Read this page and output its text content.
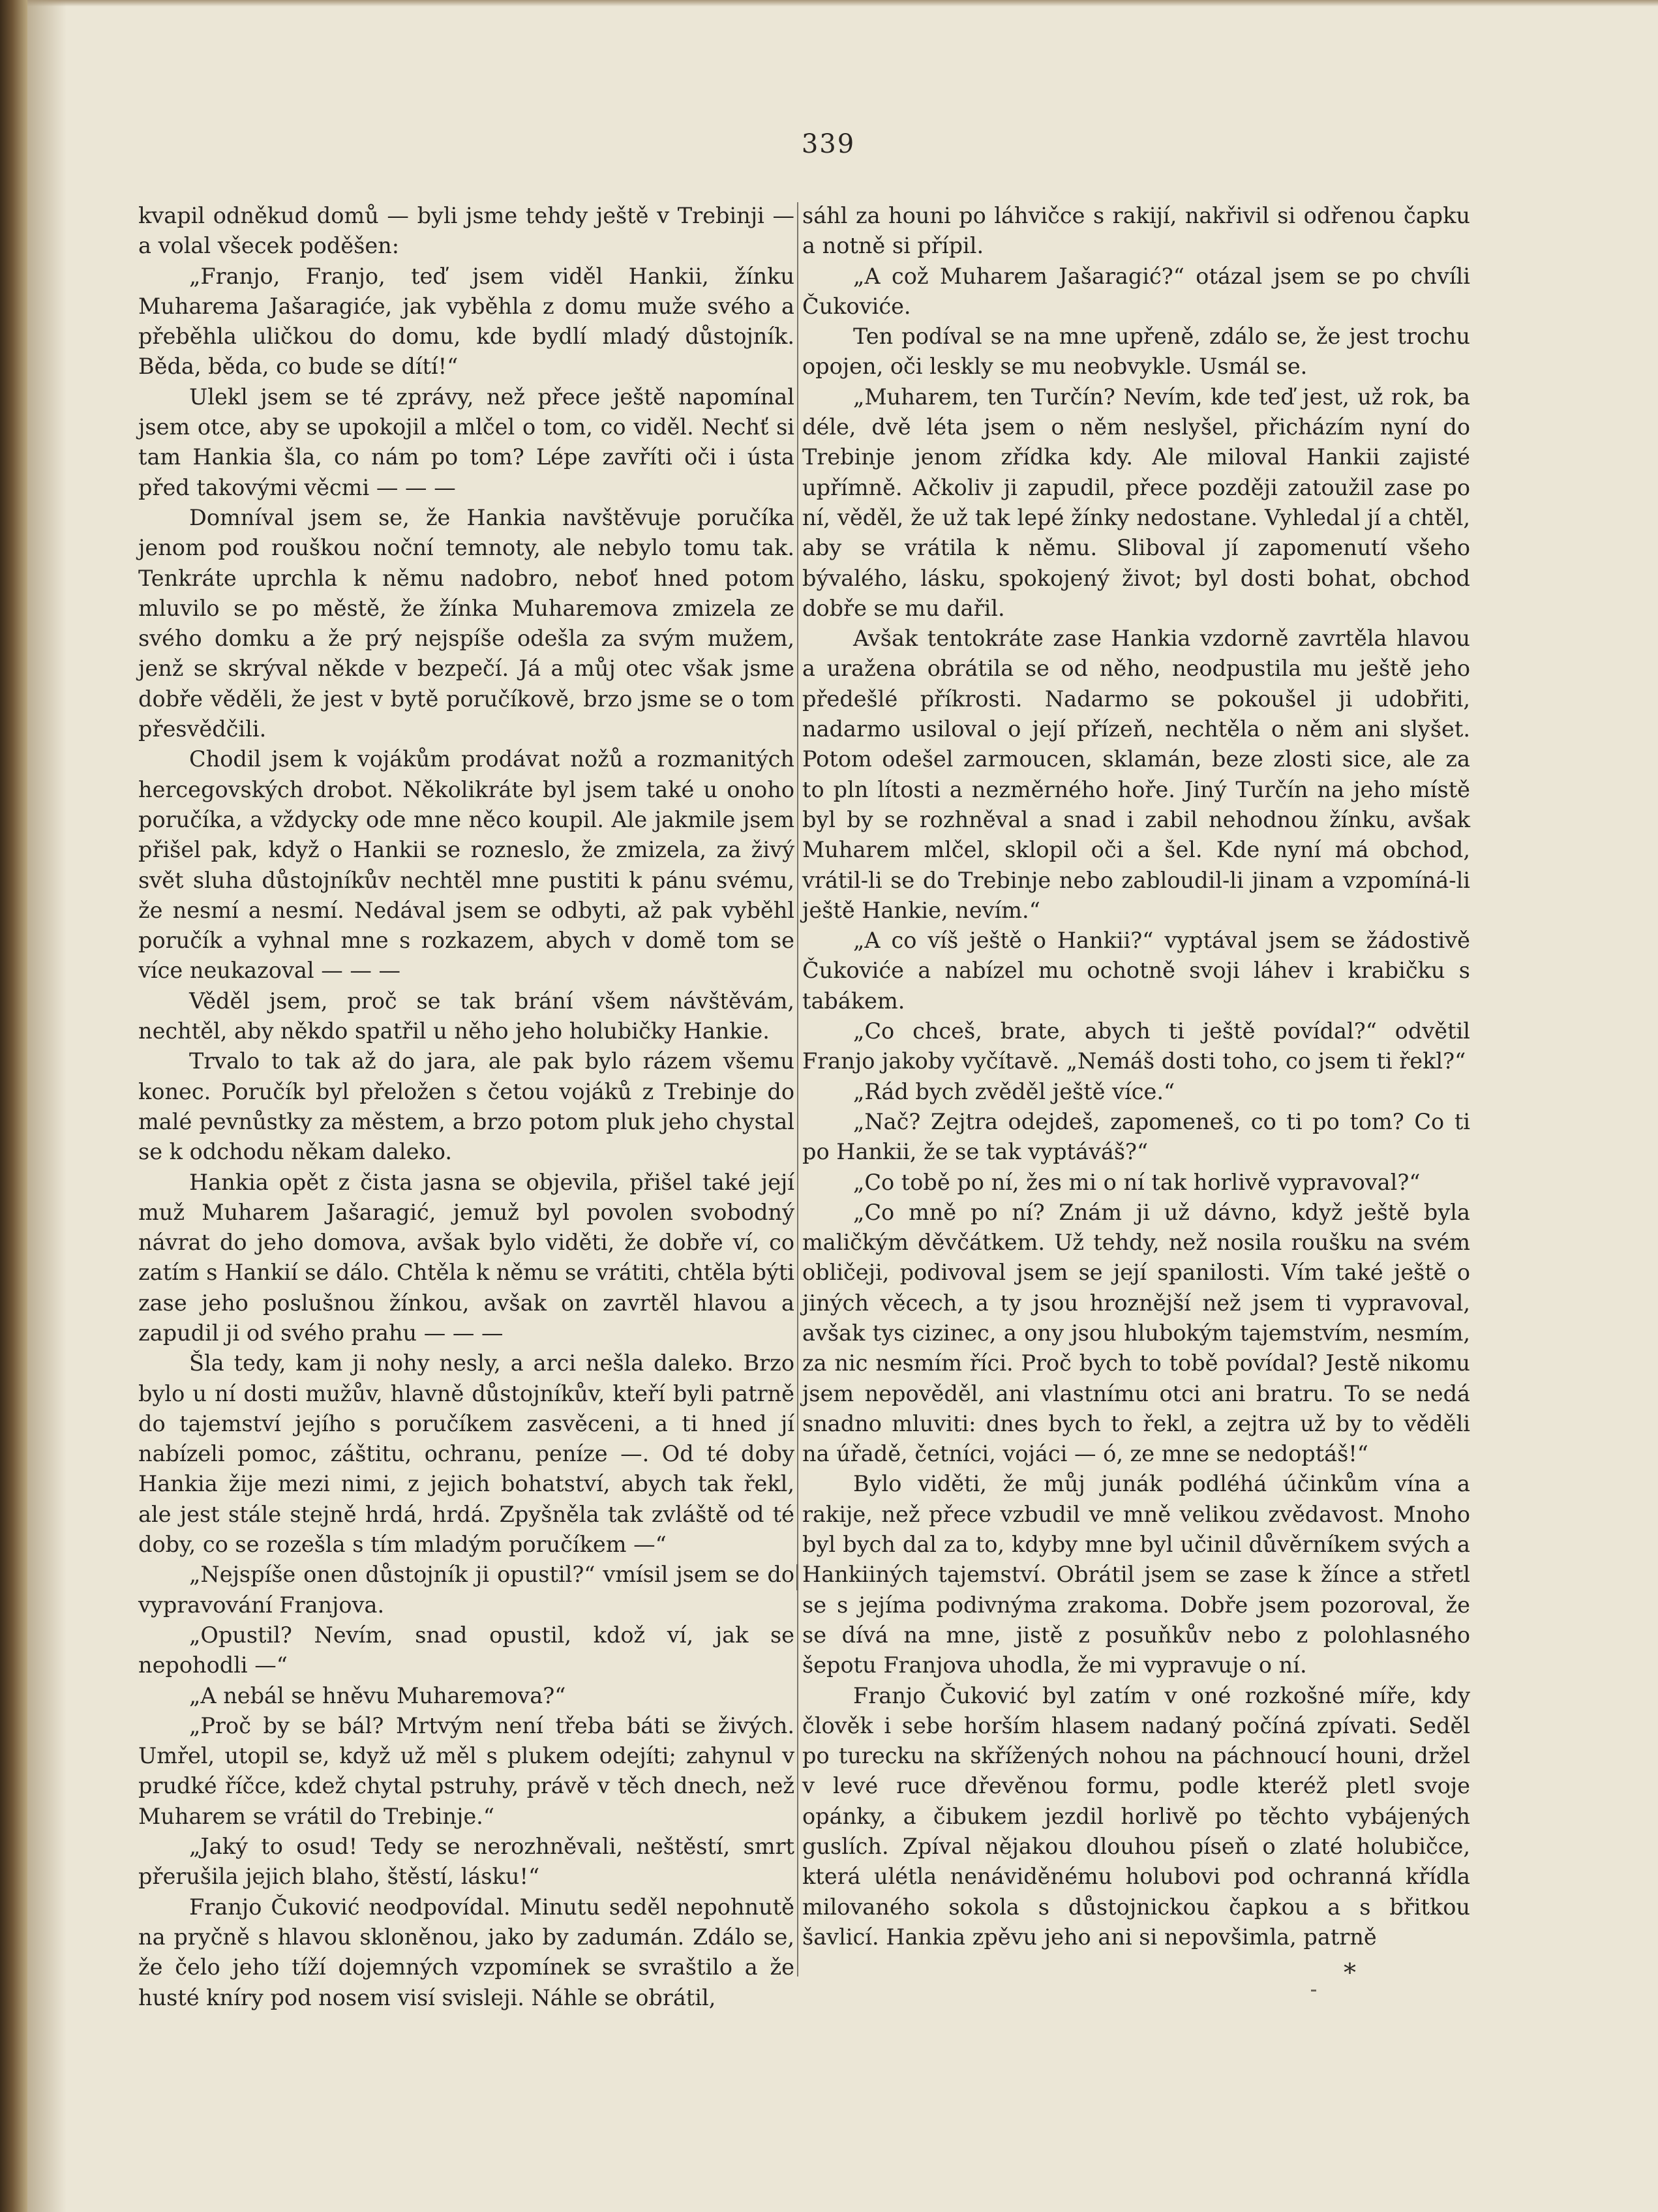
339

kvapil odněkud domů — byli jsme tehdy ještě v Trebinji — a volal všecek poděšen:

„Franjo, Franjo, teď jsem viděl Hankii, žínku Muharema Jašaragiće, jak vyběhla z domu muže svého a přeběhla uličkou do domu, kde bydlí mladý důstojník. Běda, běda, co bude se dítí!“

Ulekl jsem se té zprávy, než přece ještě napomínal jsem otce, aby se upokojil a mlčel o tom, co viděl. Nechť si tam Hankia šla, co nám po tom? Lépe zavříti oči i ústa před takovými věcmi — — —

Domníval jsem se, že Hankia navštěvuje poručíka jenom pod rouškou noční temnoty, ale nebylo tomu tak. Tenkráte uprchla k němu nadobro, neboť hned potom mluvilo se po městě, že žínka Muharemova zmizela ze svého domku a že prý nejspíše odešla za svým mužem, jenž se skrýval někde v bezpečí. Já a můj otec však jsme dobře věděli, že jest v bytě poručíkově, brzo jsme se o tom přesvědčili.

Chodil jsem k vojákům prodávat nožů a rozmanitých hercegovských drobot. Několikráte byl jsem také u onoho poručíka, a vždycky ode mne něco koupil. Ale jakmile jsem přišel pak, když o Hankii se rozneslo, že zmizela, za živý svět sluha důstojníkův nechtěl mne pustiti k pánu svému, že nesmí a nesmí. Nedával jsem se odbyti, až pak vyběhl poručík a vyhnal mne s rozkazem, abych v domě tom se více neukazoval — — —

Věděl jsem, proč se tak brání všem návštěvám, nechtěl, aby někdo spatřil u něho jeho holubičky Hankie.

Trvalo to tak až do jara, ale pak bylo rázem všemu konec. Poručík byl přeložen s četou vojáků z Trebinje do malé pevnůstky za městem, a brzo potom pluk jeho chystal se k odchodu někam daleko.

Hankia opět z čista jasna se objevila, přišel také její muž Muharem Jašaragić, jemuž byl povolen svobodný návrat do jeho domova, avšak bylo viděti, že dobře ví, co zatím s Hankií se dálo. Chtěla k němu se vrátiti, chtěla býti zase jeho poslušnou žínkou, avšak on zavrtěl hlavou a zapudil ji od svého prahu — — —

Šla tedy, kam ji nohy nesly, a arci nešla daleko. Brzo bylo u ní dosti mužův, hlavně důstojníkův, kteří byli patrně do tajemství jejího s poručíkem zasvěceni, a ti hned jí nabízeli pomoc, záštitu, ochranu, peníze —. Od té doby Hankia žije mezi nimi, z jejich bohatství, abych tak řekl, ale jest stále stejně hrdá, hrdá. Zpyšněla tak zvláště od té doby, co se rozešla s tím mladým poručíkem —“

„Nejspíše onen důstojník ji opustil?“ vmísil jsem se do vypravování Franjova.

„Opustil? Nevím, snad opustil, kdož ví, jak se nepohodli —“

„A nebál se hněvu Muharemova?“

„Proč by se bál? Mrtvým není třeba báti se živých. Umřel, utopil se, když už měl s plukem odejíti; zahynul v prudké říčce, kdež chytal pstruhy, právě v těch dnech, než Muharem se vrátil do Trebinje.“

„Jaký to osud! Tedy se nerozhněvali, neštěstí, smrt přerušila jejich blaho, štěstí, lásku!“

Franjo Čuković neodpovídal. Minutu seděl nepohnutě na pryčně s hlavou skloněnou, jako by zadumán. Zdálo se, že čelo jeho tíží dojemných vzpomínek se svraštilo a že husté kníry pod nosem visí svisleji. Náhle se obrátil,

sáhl za houni po láhvičce s rakijí, nakřivil si odřenou čapku a notně si přípil.

„A což Muharem Jašaragić?“ otázal jsem se po chvíli Čukoviće.

Ten podíval se na mne upřeně, zdálo se, že jest trochu opojen, oči leskly se mu neobvykle. Usmál se.

„Muharem, ten Turčín? Nevím, kde teď jest, už rok, ba déle, dvě léta jsem o něm neslyšel, přicházím nyní do Trebinje jenom zřídka kdy. Ale miloval Hankii zajisté upřímně. Ačkoliv ji zapudil, přece později zatoužil zase po ní, věděl, že už tak lepé žínky nedostane. Vyhledal jí a chtěl, aby se vrátila k němu. Sliboval jí zapomenutí všeho bývalého, lásku, spokojený život; byl dosti bohat, obchod dobře se mu dařil.

Avšak tentokráte zase Hankia vzdorně zavrtěla hlavou a uražena obrátila se od něho, neodpustila mu ještě jeho předešlé příkrosti. Nadarmo se pokoušel ji udobřiti, nadarmo usiloval o její přízeň, nechtěla o něm ani slyšet. Potom odešel zarmoucen, sklamán, beze zlosti sice, ale za to pln lítosti a nezměrného hoře. Jiný Turčín na jeho místě byl by se rozhněval a snad i zabil nehodnou žínku, avšak Muharem mlčel, sklopil oči a šel. Kde nyní má obchod, vrátil-li se do Trebinje nebo zabloudil-li jinam a vzpomíná-li ještě Hankie, nevím.“

„A co víš ještě o Hankii?“ vyptával jsem se žádostivě Čukoviće a nabízel mu ochotně svoji láhev i krabičku s tabákem.

„Co chceš, brate, abych ti ještě povídal?“ odvětil Franjo jakoby vyčítavě. „Nemáš dosti toho, co jsem ti řekl?“

„Rád bych zvěděl ještě více.“

„Nač? Zejtra odejdeš, zapomeneš, co ti po tom? Co ti po Hankii, že se tak vyptáváš?“

„Co tobě po ní, žes mi o ní tak horlivě vypravoval?“

„Co mně po ní? Znám ji už dávno, když ještě byla maličkým děvčátkem. Už tehdy, než nosila roušku na svém obličeji, podivoval jsem se její spanilosti. Vím také ještě o jiných věcech, a ty jsou hroznější než jsem ti vypravoval, avšak tys cizinec, a ony jsou hlubokým tajemstvím, nesmím, za nic nesmím říci. Proč bych to tobě povídal? Jestě nikomu jsem nepověděl, ani vlastnímu otci ani bratru. To se nedá snadno mluviti: dnes bych to řekl, a zejtra už by to věděli na úřadě, četníci, vojáci — ó, ze mne se nedoptáš!“

Bylo viděti, že můj junák podléhá účinkům vína a rakije, než přece vzbudil ve mně velikou zvědavost. Mnoho byl bych dal za to, kdyby mne byl učinil důvěrníkem svých a Hankiiných tajemství. Obrátil jsem se zase k žínce a střetl se s jejíma podivnýma zrakoma. Dobře jsem pozoroval, že se dívá na mne, jistě z posuňkův nebo z polohlasného šepotu Franjova uhodla, že mi vypravuje o ní.

Franjo Čuković byl zatím v oné rozkošné míře, kdy člověk i sebe horším hlasem nadaný počíná zpívati. Seděl po turecku na skřížených nohou na páchnoucí houni, držel v levé ruce dřevěnou formu, podle kteréž pletl svoje opánky, a čibukem jezdil horlivě po těchto vybájených guslích. Zpíval nějakou dlouhou píseň o zlaté holubičce, která ulétla nenáviděnému holubovi pod ochranná křídla milovaného sokola s důstojnickou čapkou a s břitkou šavlicí. Hankia zpěvu jeho ani si nepovšimla, patrně

*
